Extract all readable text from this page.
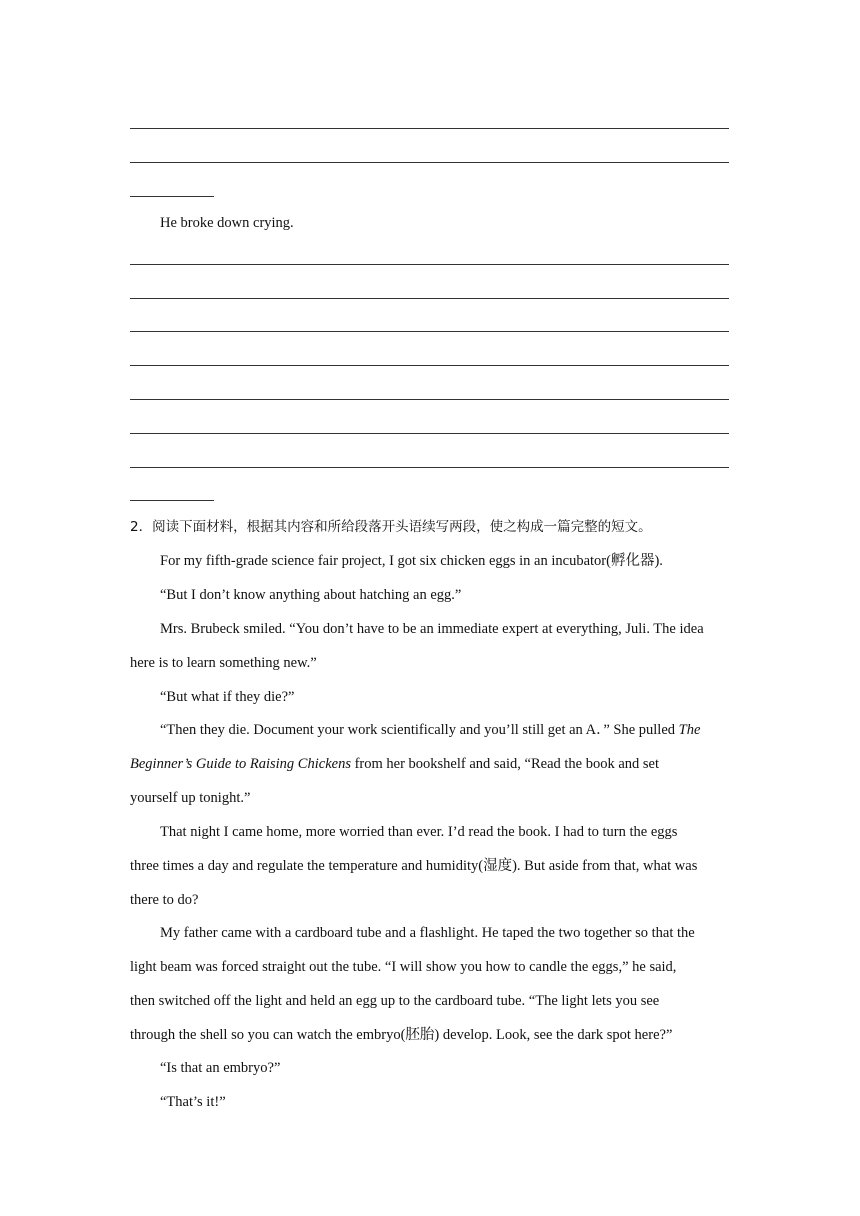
He broke down crying.
2．阅读下面材料，根据其内容和所给段落开头语续写两段，使之构成一篇完整的短文。
For my fifth-grade science fair project, I got six chicken eggs in an incubator(孵化器).
“But I don’t know anything about hatching an egg.”
Mrs. Brubeck smiled. “You don’t have to be an immediate expert at everything, Juli. The idea
here is to learn something new.”
“But what if they die?”
“Then they die. Document your work scientifically and you’ll still get an A．” She pulled The
Beginner’s Guide to Raising Chickens from her bookshelf and said, “Read the book and set
yourself up tonight.”
That night I came home, more worried than ever. I’d read the book. I had to turn the eggs
three times a day and regulate the temperature and humidity(湿度). But aside from that, what was
there to do?
My father came with a cardboard tube and a flashlight. He taped the two together so that the
light beam was forced straight out the tube. “I will show you how to candle the eggs,” he said,
then switched off the light and held an egg up to the cardboard tube. “The light lets you see
through the shell so you can watch the embryo(胚胎) develop. Look, see the dark spot here?”
“Is that an embryo?”
“That’s it!”
